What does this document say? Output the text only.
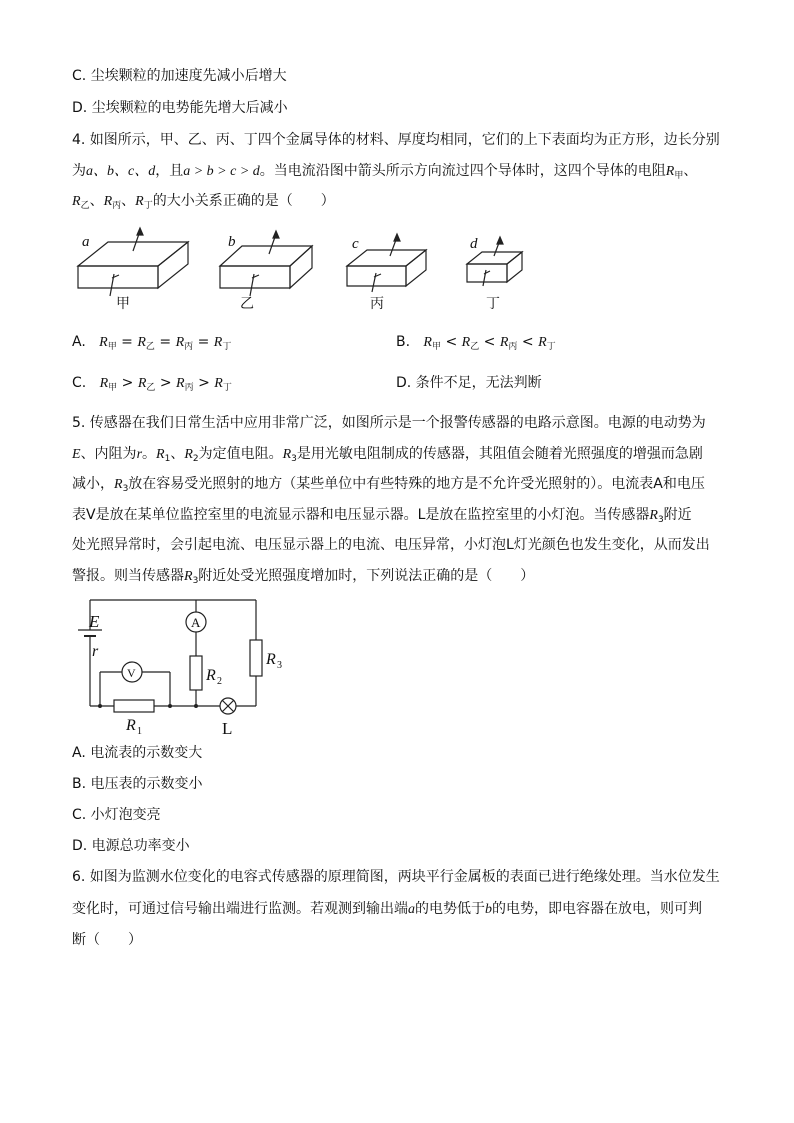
C. 尘埃颗粒的加速度先减小后增大
D. 尘埃颗粒的电势能先增大后减小
4. 如图所示，甲、乙、丙、丁四个金属导体的材料、厚度均相同，它们的上下表面均为正方形，边长分别
为a、b、c、d，且a > b > c > d。当电流沿图中箭头所示方向流过四个导体时，这四个导体的电阻$R_甲$、
$R_乙$、$R_丙$、$R_丁$的大小关系正确的是（　　）
a	b	c	d
甲	乙	丙	丁
A. $R_甲 = R_乙 = R_丙 = R_丁$	B. $R_甲 < R_乙 < R_丙 < R_丁$
C. $R_甲 > R_乙 > R_丙 > R_丁$	D. 条件不足，无法判断
5. 传感器在我们日常生活中应用非常广泛，如图所示是一个报警传感器的电路示意图。电源的电动势为
E、内阻为r。$R_1$、$R_2$为定值电阻。$R_3$是用光敏电阻制成的传感器，其阻值会随着光照强度的增强而急剧
减小，$R_3$放在容易受光照射的地方（某些单位中有些特殊的地方是不允许受光照射的）。电流表A和电压
表V是放在某单位监控室里的电流显示器和电压显示器。L是放在监控室里的小灯泡。当传感器$R_3$附近
处光照异常时，会引起电流、电压显示器上的电流、电压异常，小灯泡L灯光颜色也发生变化，从而发出
警报。则当传感器$R_3$附近处受光照强度增加时，下列说法正确的是（　　）
E
r
A
V	R 2
R 3
R 1	L
A. 电流表的示数变大
B. 电压表的示数变小
C. 小灯泡变亮
D. 电源总功率变小
6. 如图为监测水位变化的电容式传感器的原理简图，两块平行金属板的表面已进行绝缘处理。当水位发生
变化时，可通过信号输出端进行监测。若观测到输出端a的电势低于b的电势，即电容器在放电，则可判
断（　　）
